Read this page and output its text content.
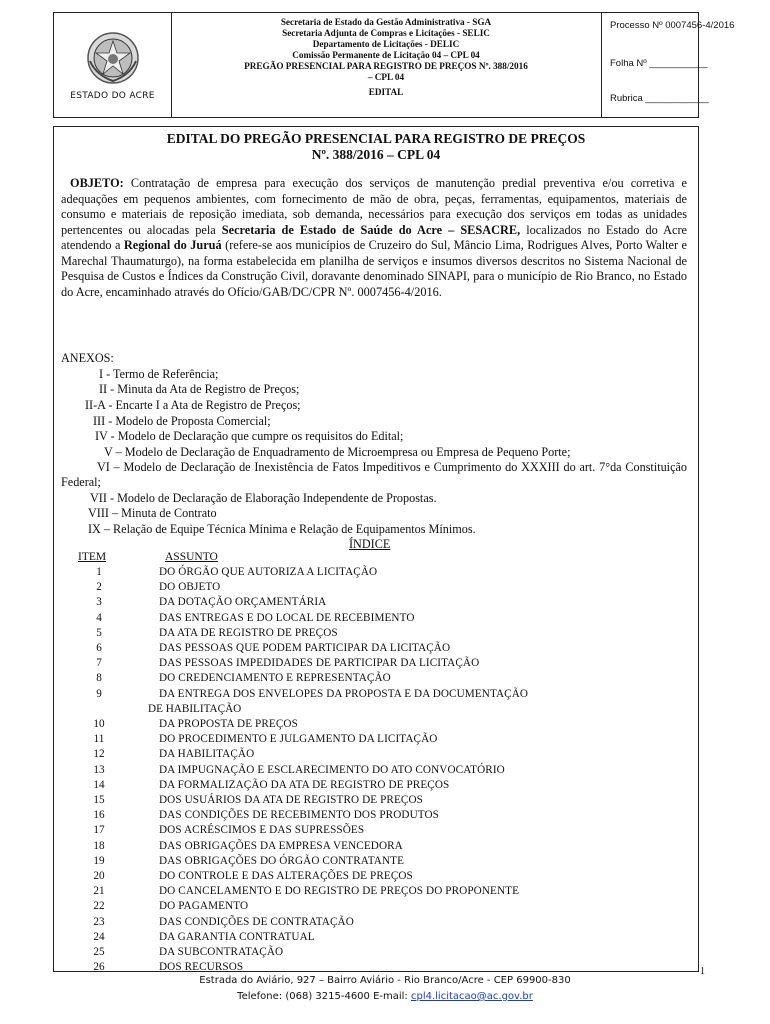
ESTADO DO ACRE
Secretaria de Estado da Gestão Administrativa - SGA
Secretaria Adjunta de Compras e Licitações - SELIC
Departamento de Licitações - DELIC
Comissão Permanente de Licitação 04 – CPL 04
PREGÃO PRESENCIAL PARA REGISTRO DE PREÇOS Nº. 388/2016
– CPL 04
EDITAL
Processo Nº 0007456-4/2016
Folha Nº ___________
Rubrica ____________
EDITAL DO PREGÃO PRESENCIAL PARA REGISTRO DE PREÇOS
Nº. 388/2016 – CPL 04
OBJETO: Contratação de empresa para execução dos serviços de manutenção predial preventiva e/ou corretiva e adequações em pequenos ambientes, com fornecimento de mão de obra, peças, ferramentas, equipamentos, materiais de consumo e materiais de reposição imediata, sob demanda, necessários para execução dos serviços em todas as unidades pertencentes ou alocadas pela Secretaria de Estado de Saúde do Acre – SESACRE, localizados no Estado do Acre atendendo a Regional do Juruá (refere-se aos municípios de Cruzeiro do Sul, Mâncio Lima, Rodrigues Alves, Porto Walter e Marechal Thaumaturgo), na forma estabelecida em planilha de serviços e insumos diversos descritos no Sistema Nacional de Pesquisa de Custos e Índices da Construção Civil, doravante denominado SINAPI, para o município de Rio Branco, no Estado do Acre, encaminhado através do Ofício/GAB/DC/CPR Nº. 0007456-4/2016.
ANEXOS:
I - Termo de Referência;
II - Minuta da Ata de Registro de Preços;
II-A - Encarte I a Ata de Registro de Preços;
III - Modelo de Proposta Comercial;
IV - Modelo de Declaração que cumpre os requisitos do Edital;
V – Modelo de Declaração de Enquadramento de Microempresa ou Empresa de Pequeno Porte;
VI – Modelo de Declaração de Inexistência de Fatos Impeditivos e Cumprimento do XXXIII do art. 7°da Constituição Federal;
VII - Modelo de Declaração de Elaboração Independente de Propostas.
VIII – Minuta de Contrato
IX – Relação de Equipe Técnica Mínima e Relação de Equipamentos Mínimos.
ÍNDICE
ITEM	ASSUNTO
1	DO ÓRGÃO QUE AUTORIZA A LICITAÇÃO
2	DO OBJETO
3	DA DOTAÇÃO ORÇAMENTÁRIA
4	DAS ENTREGAS E DO LOCAL DE RECEBIMENTO
5	DA ATA DE REGISTRO DE PREÇOS
6	DAS PESSOAS QUE PODEM PARTICIPAR DA LICITAÇÃO
7	DAS PESSOAS IMPEDIDADES DE PARTICIPAR DA LICITAÇÃO
8	DO CREDENCIAMENTO E REPRESENTAÇÃO
9	DA ENTREGA DOS ENVELOPES DA PROPOSTA E DA DOCUMENTAÇÃO
DE HABILITAÇÃO
10	DA PROPOSTA DE PREÇOS
11	DO PROCEDIMENTO E JULGAMENTO DA LICITAÇÃO
12	DA HABILITAÇÃO
13	DA IMPUGNAÇÃO E ESCLARECIMENTO DO ATO CONVOCATÓRIO
14	DA FORMALIZAÇÃO DA ATA DE REGISTRO DE PREÇOS
15	DOS USUÁRIOS DA ATA DE REGISTRO DE PREÇOS
16	DAS CONDIÇÕES DE RECEBIMENTO DOS PRODUTOS
17	DOS ACRÉSCIMOS E DAS SUPRESSÕES
18	DAS OBRIGAÇÕES DA EMPRESA VENCEDORA
19	DAS OBRIGAÇÕES DO ÓRGÃO CONTRATANTE
20	DO CONTROLE E DAS ALTERAÇÕES DE PREÇOS
21	DO CANCELAMENTO E DO REGISTRO DE PREÇOS DO PROPONENTE
22	DO PAGAMENTO
23	DAS CONDIÇÕES DE CONTRATAÇÃO
24	DA GARANTIA CONTRATUAL
25	DA SUBCONTRATAÇÃO
26	DOS RECURSOS	1
Estrada do Aviário, 927 – Bairro Aviário - Rio Branco/Acre - CEP 69900-830
Telefone: (068) 3215-4600 E-mail: cpl4.licitacao@ac.gov.br
